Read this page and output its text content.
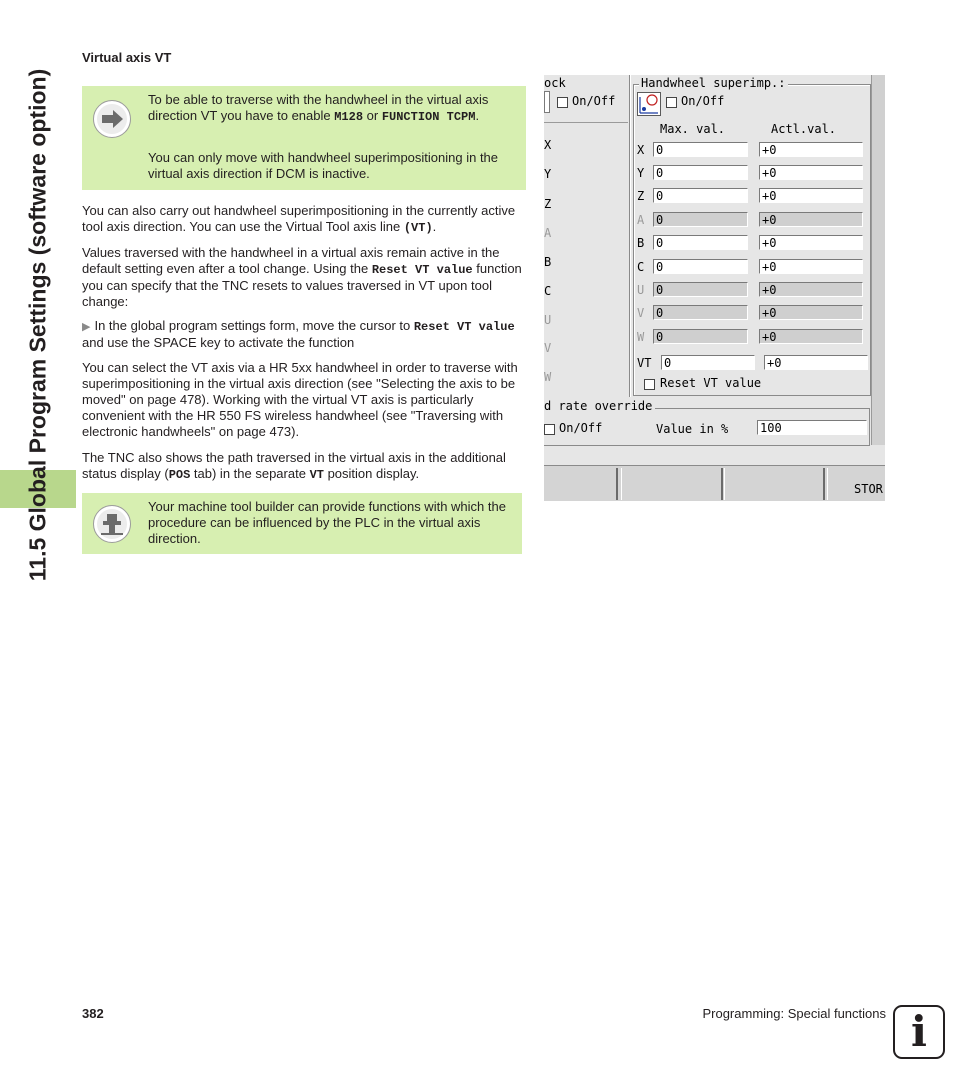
11.5 Global Program Settings (software option)
Virtual axis VT
To be able to traverse with the handwheel in the virtual axis direction VT you have to enable M128 or FUNCTION TCPM.
You can only move with handwheel superimpositioning in the virtual axis direction if DCM is inactive.
You can also carry out handwheel superimpositioning in the currently active tool axis direction. You can use the Virtual Tool axis line (VT).
Values traversed with the handwheel in a virtual axis remain active in the default setting even after a tool change. Using the Reset VT value function you can specify that the TNC resets to values traversed in VT upon tool change:
▶ In the global program settings form, move the cursor to Reset VT value and use the SPACE key to activate the function
You can select the VT axis via a HR 5xx handwheel in order to traverse with superimpositioning in the virtual axis direction (see "Selecting the axis to be moved" on page 478). Working with the virtual VT axis is particularly convenient with the HR 550 FS wireless handwheel (see "Traversing with electronic handwheels" on page 473).
The TNC also shows the path traversed in the virtual axis in the additional status display (POS tab) in the separate VT position display.
Your machine tool builder can provide functions with which the procedure can be influenced by the PLC in the virtual axis direction.
ock
On/Off
X
Y
Z
A
B
C
U
V
W
Handwheel superimp.:
On/Off
Max. val.	Actl.val.
X 0	+0
Y 0	+0
Z 0	+0
A 0	+0
B 0	+0
C 0	+0
U 0	+0
V 0	+0
W 0	+0
VT 0	+0
Reset VT value
d rate override
On/Off	Value in %	100
STOR
382	Programming: Special functions i
